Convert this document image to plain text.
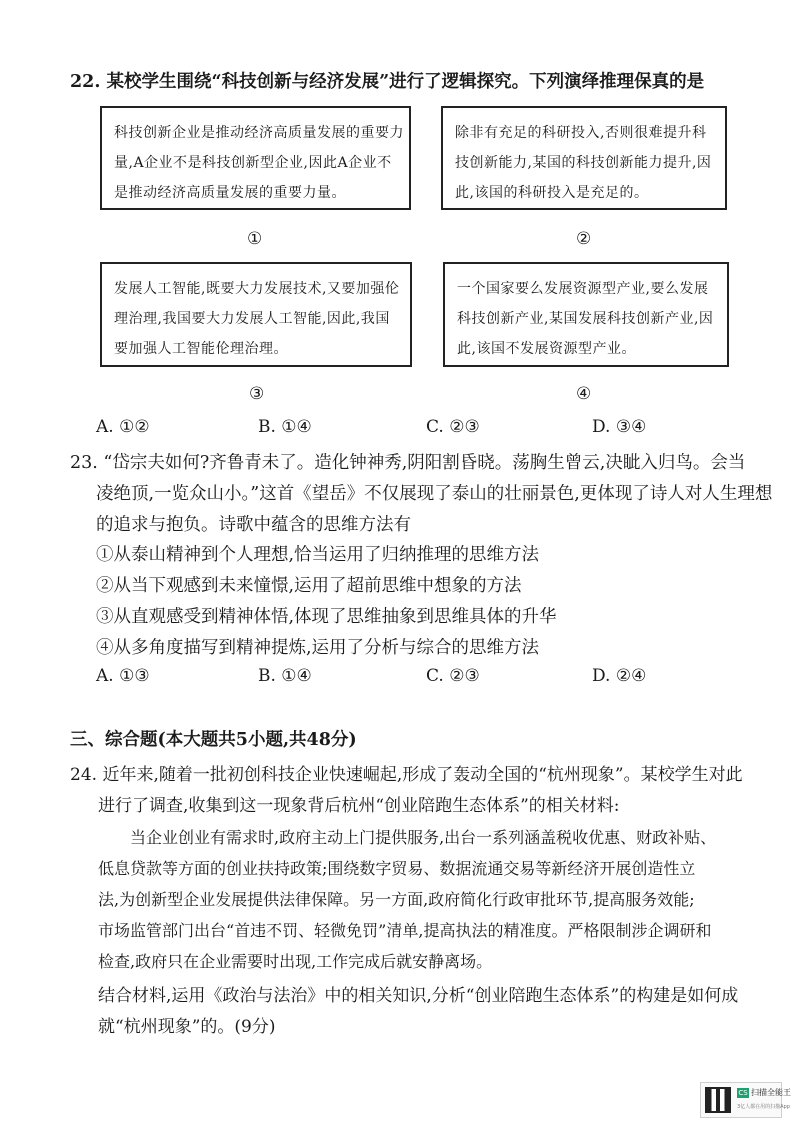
22. 某校学生围绕“科技创新与经济发展”进行了逻辑探究。下列演绎推理保真的是
科技创新企业是推动经济高质量发展的重要力
量,A企业不是科技创新型企业,因此A企业不
是推动经济高质量发展的重要力量。
①
除非有充足的科研投入,否则很难提升科
技创新能力,某国的科技创新能力提升,因
此,该国的科研投入是充足的。
②
发展人工智能,既要大力发展技术,又要加强伦
理治理,我国要大力发展人工智能,因此,我国
要加强人工智能伦理治理。
③
一个国家要么发展资源型产业,要么发展
科技创新产业,某国发展科技创新产业,因
此,该国不发展资源型产业。
④
A. ①②	B. ①④	C. ②③	D. ③④
23. “岱宗夫如何?齐鲁青未了。造化钟神秀,阴阳割昏晓。荡胸生曾云,决眦入归鸟。会当
凌绝顶,一览众山小。”这首《望岳》不仅展现了泰山的壮丽景色,更体现了诗人对人生理想
的追求与抱负。诗歌中蕴含的思维方法有
①从泰山精神到个人理想,恰当运用了归纳推理的思维方法
②从当下观感到未来憧憬,运用了超前思维中想象的方法
③从直观感受到精神体悟,体现了思维抽象到思维具体的升华
④从多角度描写到精神提炼,运用了分析与综合的思维方法
A. ①③	B. ①④	C. ②③	D. ②④
三、综合题(本大题共5小题,共48分)
24. 近年来,随着一批初创科技企业快速崛起,形成了轰动全国的“杭州现象”。某校学生对此
进行了调查,收集到这一现象背后杭州“创业陪跑生态体系”的相关材料:
当企业创业有需求时,政府主动上门提供服务,出台一系列涵盖税收优惠、财政补贴、
低息贷款等方面的创业扶持政策;围绕数字贸易、数据流通交易等新经济开展创造性立
法,为创新型企业发展提供法律保障。另一方面,政府简化行政审批环节,提高服务效能;
市场监管部门出台“首违不罚、轻微免罚”清单,提高执法的精准度。严格限制涉企调研和
检查,政府只在企业需要时出现,工作完成后就安静离场。
结合材料,运用《政治与法治》中的相关知识,分析“创业陪跑生态体系”的构建是如何成
就“杭州现象”的。(9分)
CS 扫描全能王
3亿人都在用的扫描App
